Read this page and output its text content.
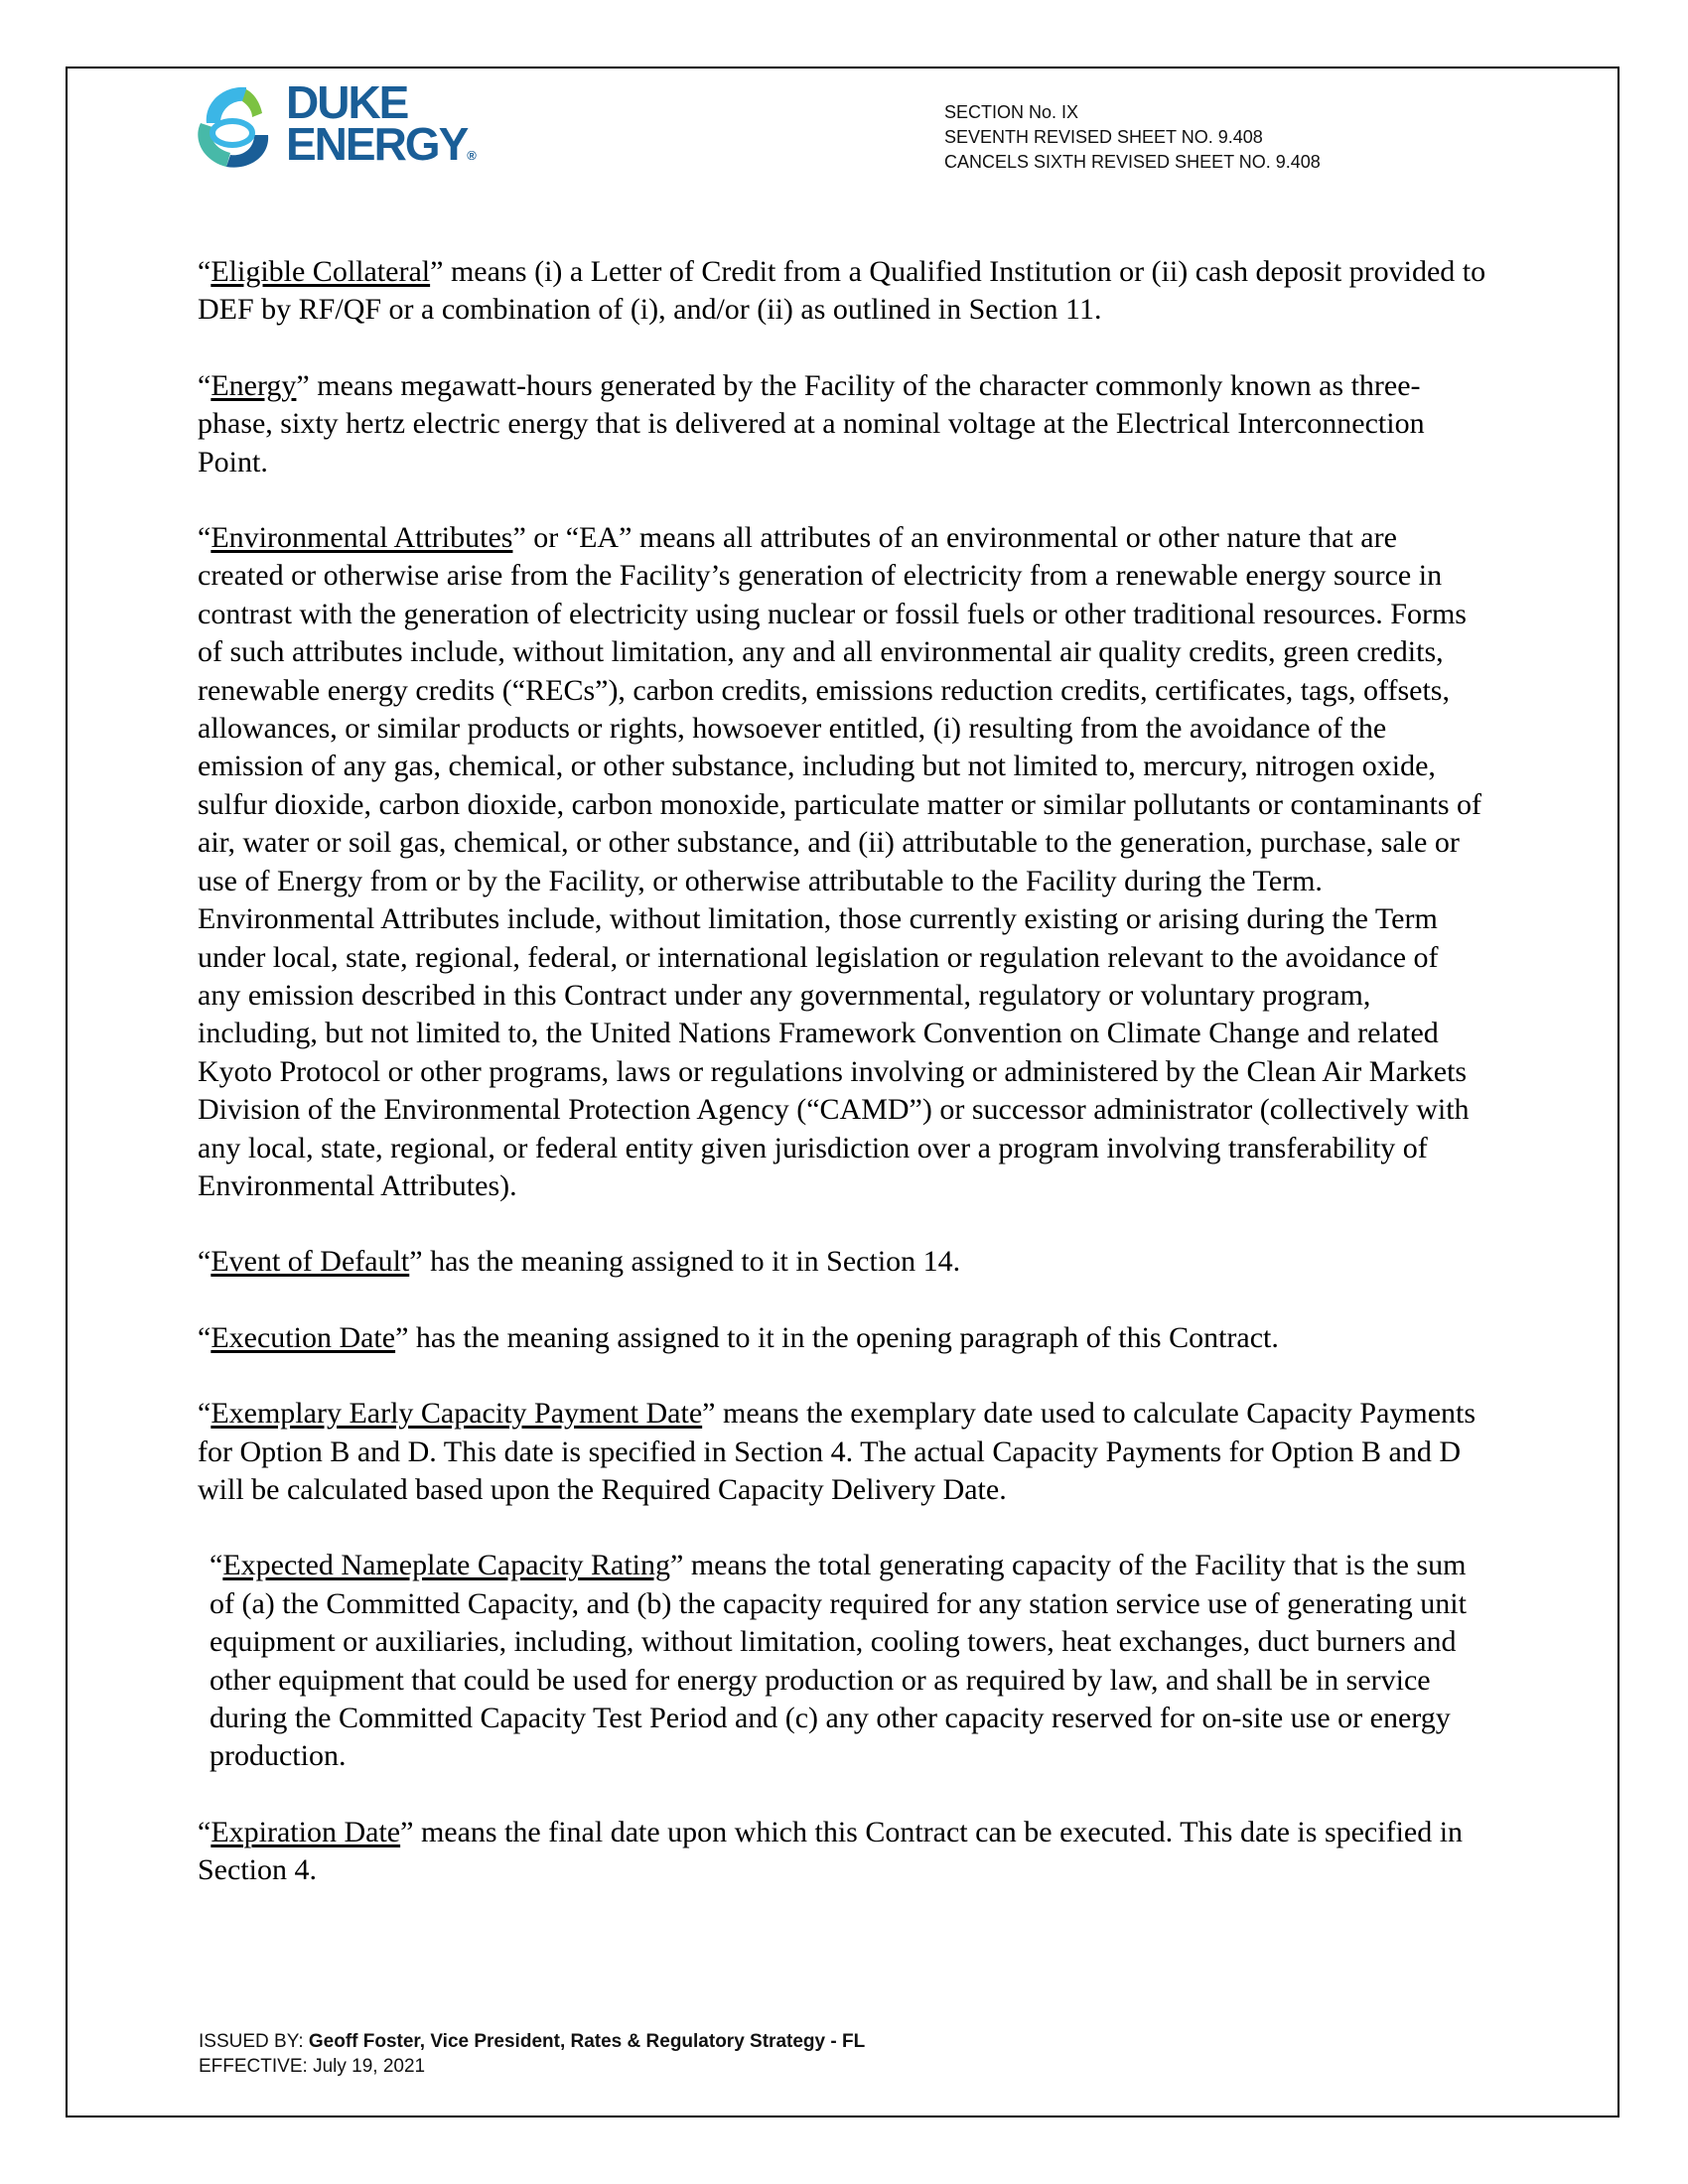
DUKE
ENERGY®
SECTION No. IX
SEVENTH REVISED SHEET NO. 9.408
CANCELS SIXTH REVISED SHEET NO. 9.408

“Eligible Collateral” means (i) a Letter of Credit from a Qualified Institution or (ii) cash deposit provided to DEF by RF/QF or a combination of (i), and/or (ii) as outlined in Section 11.

“Energy” means megawatt-hours generated by the Facility of the character commonly known as three-phase, sixty hertz electric energy that is delivered at a nominal voltage at the Electrical Interconnection Point.

“Environmental Attributes” or “EA” means all attributes of an environmental or other nature that are created or otherwise arise from the Facility’s generation of electricity from a renewable energy source in contrast with the generation of electricity using nuclear or fossil fuels or other traditional resources. Forms of such attributes include, without limitation, any and all environmental air quality credits, green credits, renewable energy credits (“RECs”), carbon credits, emissions reduction credits, certificates, tags, offsets, allowances, or similar products or rights, howsoever entitled, (i) resulting from the avoidance of the emission of any gas, chemical, or other substance, including but not limited to, mercury, nitrogen oxide, sulfur dioxide, carbon dioxide, carbon monoxide, particulate matter or similar pollutants or contaminants of air, water or soil gas, chemical, or other substance, and (ii) attributable to the generation, purchase, sale or use of Energy from or by the Facility, or otherwise attributable to the Facility during the Term. Environmental Attributes include, without limitation, those currently existing or arising during the Term under local, state, regional, federal, or international legislation or regulation relevant to the avoidance of any emission described in this Contract under any governmental, regulatory or voluntary program, including, but not limited to, the United Nations Framework Convention on Climate Change and related Kyoto Protocol or other programs, laws or regulations involving or administered by the Clean Air Markets Division of the Environmental Protection Agency (“CAMD”) or successor administrator (collectively with any local, state, regional, or federal entity given jurisdiction over a program involving transferability of Environmental Attributes).

“Event of Default” has the meaning assigned to it in Section 14.

“Execution Date” has the meaning assigned to it in the opening paragraph of this Contract.

“Exemplary Early Capacity Payment Date” means the exemplary date used to calculate Capacity Payments for Option B and D. This date is specified in Section 4. The actual Capacity Payments for Option B and D will be calculated based upon the Required Capacity Delivery Date.

“Expected Nameplate Capacity Rating” means the total generating capacity of the Facility that is the sum of (a) the Committed Capacity, and (b) the capacity required for any station service use of generating unit equipment or auxiliaries, including, without limitation, cooling towers, heat exchanges, duct burners and other equipment that could be used for energy production or as required by law, and shall be in service during the Committed Capacity Test Period and (c) any other capacity reserved for on-site use or energy production.

“Expiration Date” means the final date upon which this Contract can be executed. This date is specified in Section 4.

ISSUED BY: Geoff Foster, Vice President, Rates & Regulatory Strategy - FL
EFFECTIVE: July 19, 2021
